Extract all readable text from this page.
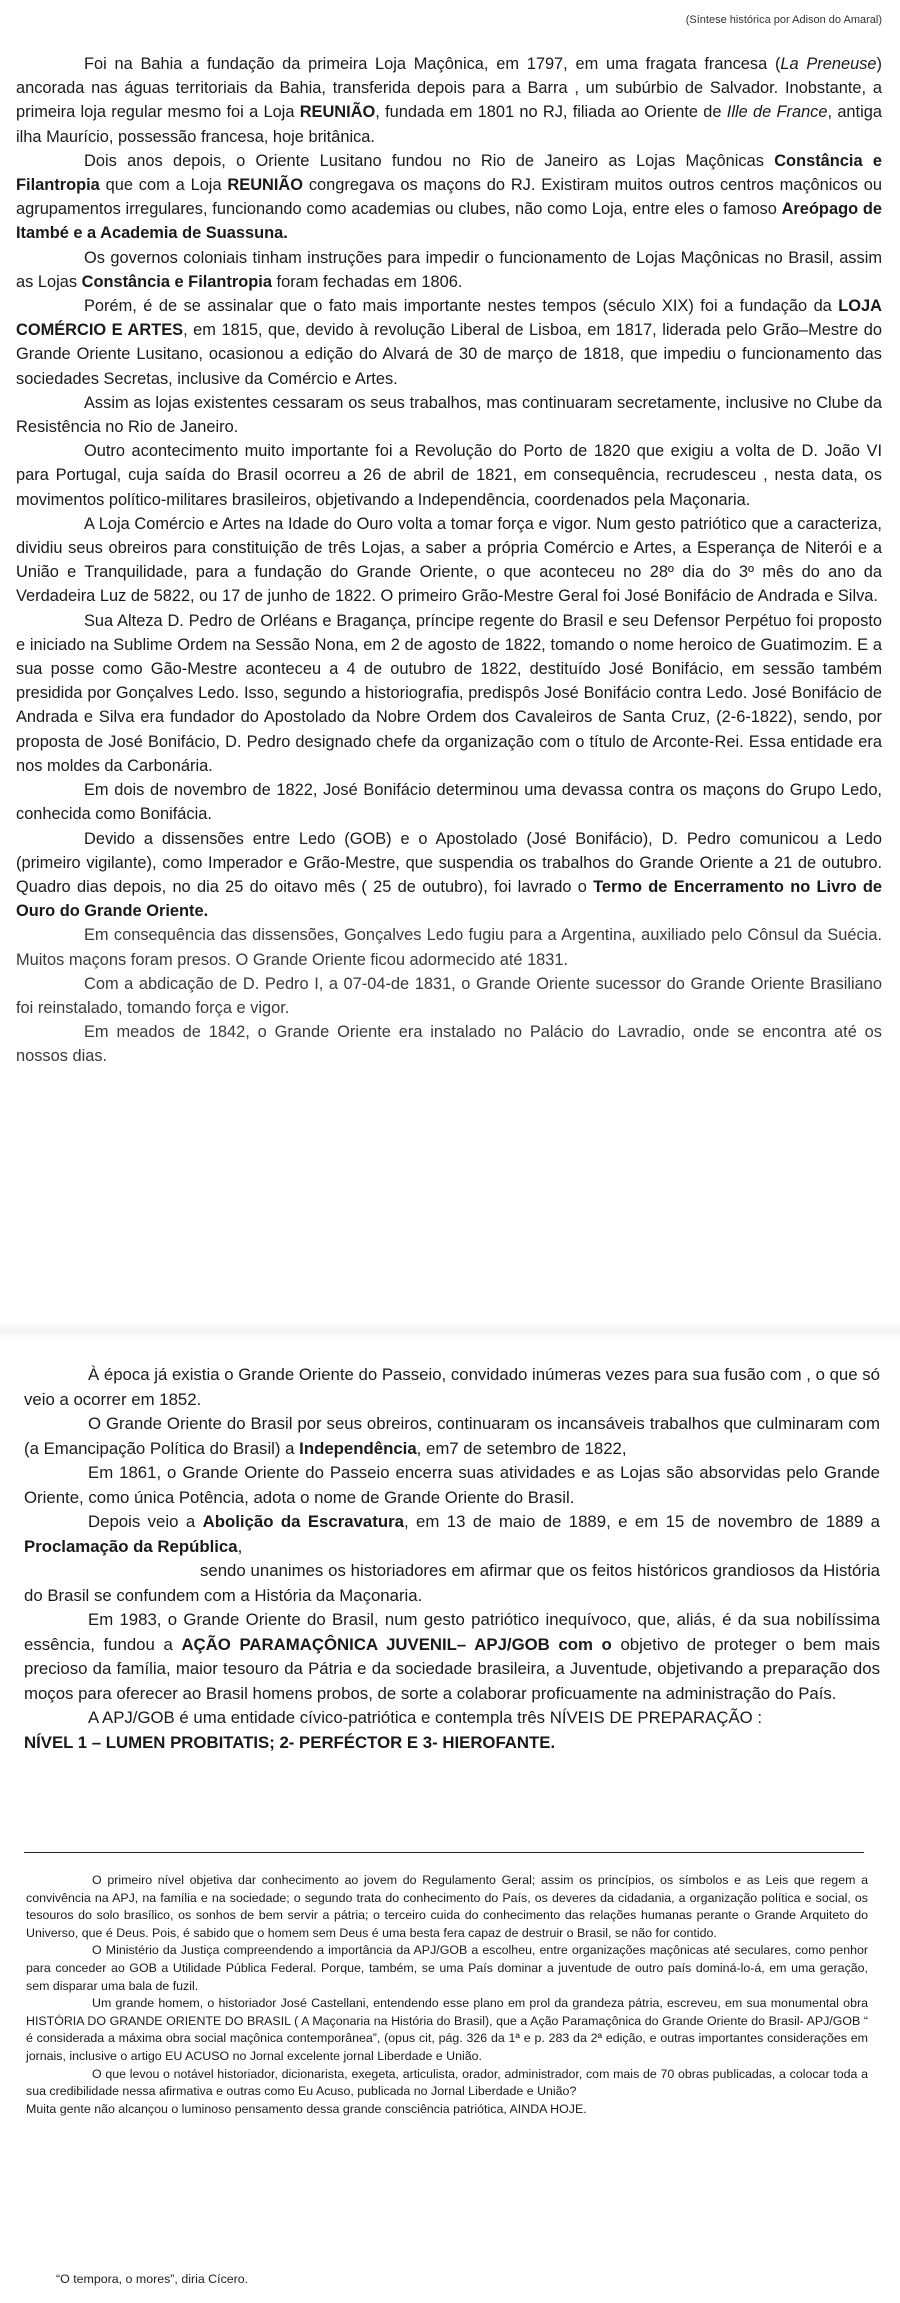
(Síntese histórica por Adison do Amaral)

Foi na Bahia a fundação da primeira Loja Maçônica, em 1797, em uma fragata francesa (La Preneuse) ancorada nas águas territoriais da Bahia, transferida depois para a Barra , um subúrbio de Salvador. Inobstante, a primeira loja regular mesmo foi a Loja REUNIÃO, fundada em 1801 no RJ, filiada ao Oriente de Ille de France, antiga ilha Maurício, possessão francesa, hoje britânica.

Dois anos depois, o Oriente Lusitano fundou no Rio de Janeiro as Lojas Maçônicas Constância e Filantropia que com a Loja REUNIÃO congregava os maçons do RJ. Existiram muitos outros centros maçônicos ou agrupamentos irregulares, funcionando como academias ou clubes, não como Loja, entre eles o famoso Areópago de Itambé e a Academia de Suassuna.

Os governos coloniais tinham instruções para impedir o funcionamento de Lojas Maçônicas no Brasil, assim as Lojas Constância e Filantropia foram fechadas em 1806.

Porém, é de se assinalar que o fato mais importante nestes tempos (século XIX) foi a fundação da LOJA COMÉRCIO E ARTES, em 1815, que, devido à revolução Liberal de Lisboa, em 1817, liderada pelo Grão–Mestre do Grande Oriente Lusitano, ocasionou a edição do Alvará de 30 de março de 1818, que impediu o funcionamento das sociedades Secretas, inclusive da Comércio e Artes.

Assim as lojas existentes cessaram os seus trabalhos, mas continuaram secretamente, inclusive no Clube da Resistência no Rio de Janeiro.

Outro acontecimento muito importante foi a Revolução do Porto de 1820 que exigiu a volta de D. João VI para Portugal, cuja saída do Brasil ocorreu a 26 de abril de 1821, em consequência, recrudesceu , nesta data, os movimentos político-militares brasileiros, objetivando a Independência, coordenados pela Maçonaria.

A Loja Comércio e Artes na Idade do Ouro volta a tomar força e vigor. Num gesto patriótico que a caracteriza, dividiu seus obreiros para constituição de três Lojas, a saber a própria Comércio e Artes, a Esperança de Niterói e a União e Tranquilidade, para a fundação do Grande Oriente, o que aconteceu no 28º dia do 3º mês do ano da Verdadeira Luz de 5822, ou 17 de junho de 1822. O primeiro Grão-Mestre Geral foi José Bonifácio de Andrada e Silva.

Sua Alteza D. Pedro de Orléans e Bragança, príncipe regente do Brasil e seu Defensor Perpétuo foi proposto e iniciado na Sublime Ordem na Sessão Nona, em 2 de agosto de 1822, tomando o nome heroico de Guatimozim. E a sua posse como Gão-Mestre aconteceu a 4 de outubro de 1822, destituído José Bonifácio, em sessão também presidida por Gonçalves Ledo. Isso, segundo a historiografia, predispôs José Bonifácio contra Ledo. José Bonifácio de Andrada e Silva era fundador do Apostolado da Nobre Ordem dos Cavaleiros de Santa Cruz, (2-6-1822), sendo, por proposta de José Bonifácio, D. Pedro designado chefe da organização com o título de Arconte-Rei. Essa entidade era nos moldes da Carbonária.

Em dois de novembro de 1822, José Bonifácio determinou uma devassa contra os maçons do Grupo Ledo, conhecida como Bonifácia.

Devido a dissensões entre Ledo (GOB) e o Apostolado (José Bonifácio), D. Pedro comunicou a Ledo (primeiro vigilante), como Imperador e Grão-Mestre, que suspendia os trabalhos do Grande Oriente a 21 de outubro. Quadro dias depois, no dia 25 do oitavo mês ( 25 de outubro), foi lavrado o Termo de Encerramento no Livro de Ouro do Grande Oriente.

Em consequência das dissensões, Gonçalves Ledo fugiu para a Argentina, auxiliado pelo Cônsul da Suécia. Muitos maçons foram presos. O Grande Oriente ficou adormecido até 1831.

Com a abdicação de D. Pedro I, a 07-04-de 1831, o Grande Oriente sucessor do Grande Oriente Brasiliano foi reinstalado, tomando força e vigor.

Em meados de 1842, o Grande Oriente era instalado no Palácio do Lavradio, onde se encontra até os nossos dias.

À época já existia o Grande Oriente do Passeio, convidado inúmeras vezes para sua fusão com , o que só veio a ocorrer em 1852.

O Grande Oriente do Brasil por seus obreiros, continuaram os incansáveis trabalhos que culminaram com (a Emancipação Política do Brasil) a Independência, em7 de setembro de 1822,

Em 1861, o Grande Oriente do Passeio encerra suas atividades e as Lojas são absorvidas pelo Grande Oriente, como única Potência, adota o nome de Grande Oriente do Brasil.

Depois veio a Abolição da Escravatura, em 13 de maio de 1889, e em 15 de novembro de 1889 a Proclamação da República,

sendo unanimes os historiadores em afirmar que os feitos históricos grandiosos da História do Brasil se confundem com a História da Maçonaria.

Em 1983, o Grande Oriente do Brasil, num gesto patriótico inequívoco, que, aliás, é da sua nobilíssima essência, fundou a AÇÃO PARAMAÇÔNICA JUVENIL– APJ/GOB com o objetivo de proteger o bem mais precioso da família, maior tesouro da Pátria e da sociedade brasileira, a Juventude, objetivando a preparação dos moços para oferecer ao Brasil homens probos, de sorte a colaborar proficuamente na administração do País.

A APJ/GOB é uma entidade cívico-patriótica e contempla três NÍVEIS DE PREPARAÇÃO :

NÍVEL 1 – LUMEN PROBITATIS; 2- PERFÉCTOR E 3- HIEROFANTE.

O primeiro nível objetiva dar conhecimento ao jovem do Regulamento Geral; assim os princípios, os símbolos e as Leis que regem a convivência na APJ, na família e na sociedade; o segundo trata do conhecimento do País, os deveres da cidadania, a organização política e social, os tesouros do solo brasílico, os sonhos de bem servir a pátria; o terceiro cuida do conhecimento das relações humanas perante o Grande Arquiteto do Universo, que é Deus. Pois, é sabido que o homem sem Deus é uma besta fera capaz de destruir o Brasil, se não for contido.

O Ministério da Justiça compreendendo a importância da APJ/GOB a escolheu, entre organizações maçônicas até seculares, como penhor para conceder ao GOB a Utilidade Pública Federal. Porque, também, se uma País dominar a juventude de outro país dominá-lo-á, em uma geração, sem disparar uma bala de fuzil.

Um grande homem, o historiador José Castellani, entendendo esse plano em prol da grandeza pátria, escreveu, em sua monumental obra HISTÓRIA DO GRANDE ORIENTE DO BRASIL ( A Maçonaria na História do Brasil), que a Ação Paramaçônica do Grande Oriente do Brasil- APJ/GOB “ é considerada a máxima obra social maçônica contemporânea”, (opus cit, pág. 326 da 1ª e p. 283 da 2ª edição, e outras importantes considerações em jornais, inclusive o artigo EU ACUSO no Jornal excelente jornal Liberdade e União.

O que levou o notável historiador, dicionarista, exegeta, articulista, orador, administrador, com mais de 70 obras publicadas, a colocar toda a sua credibilidade nessa afirmativa e outras como Eu Acuso, publicada no Jornal Liberdade e União?

Muita gente não alcançou o luminoso pensamento dessa grande consciência patriótica, AINDA HOJE.

“O tempora, o mores”, diria Cícero.
